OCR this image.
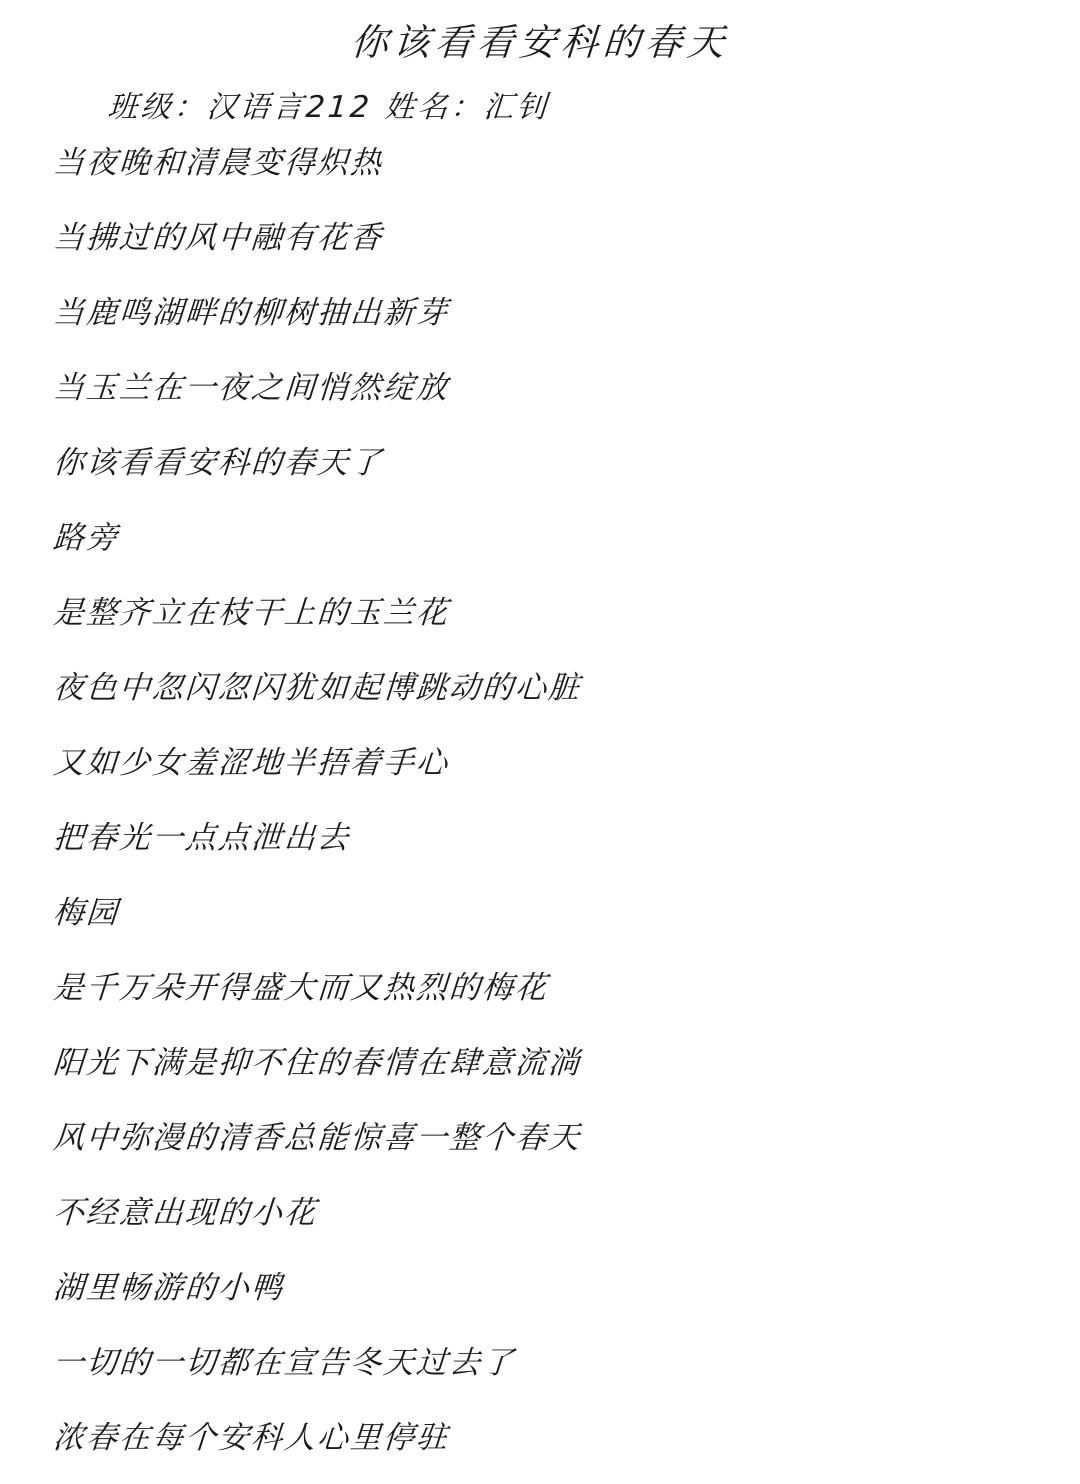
你该看看安科的春天
班级：汉语言212 姓名：汇钊
当夜晚和清晨变得炽热
当拂过的风中融有花香
当鹿鸣湖畔的柳树抽出新芽
当玉兰在一夜之间悄然绽放
你该看看安科的春天了
路旁
是整齐立在枝干上的玉兰花
夜色中忽闪忽闪犹如起博跳动的心脏
又如少女羞涩地半捂着手心
把春光一点点泄出去
梅园
是千万朵开得盛大而又热烈的梅花
阳光下满是抑不住的春情在肆意流淌
风中弥漫的清香总能惊喜一整个春天
不经意出现的小花
湖里畅游的小鸭
一切的一切都在宣告冬天过去了
浓春在每个安科人心里停驻
